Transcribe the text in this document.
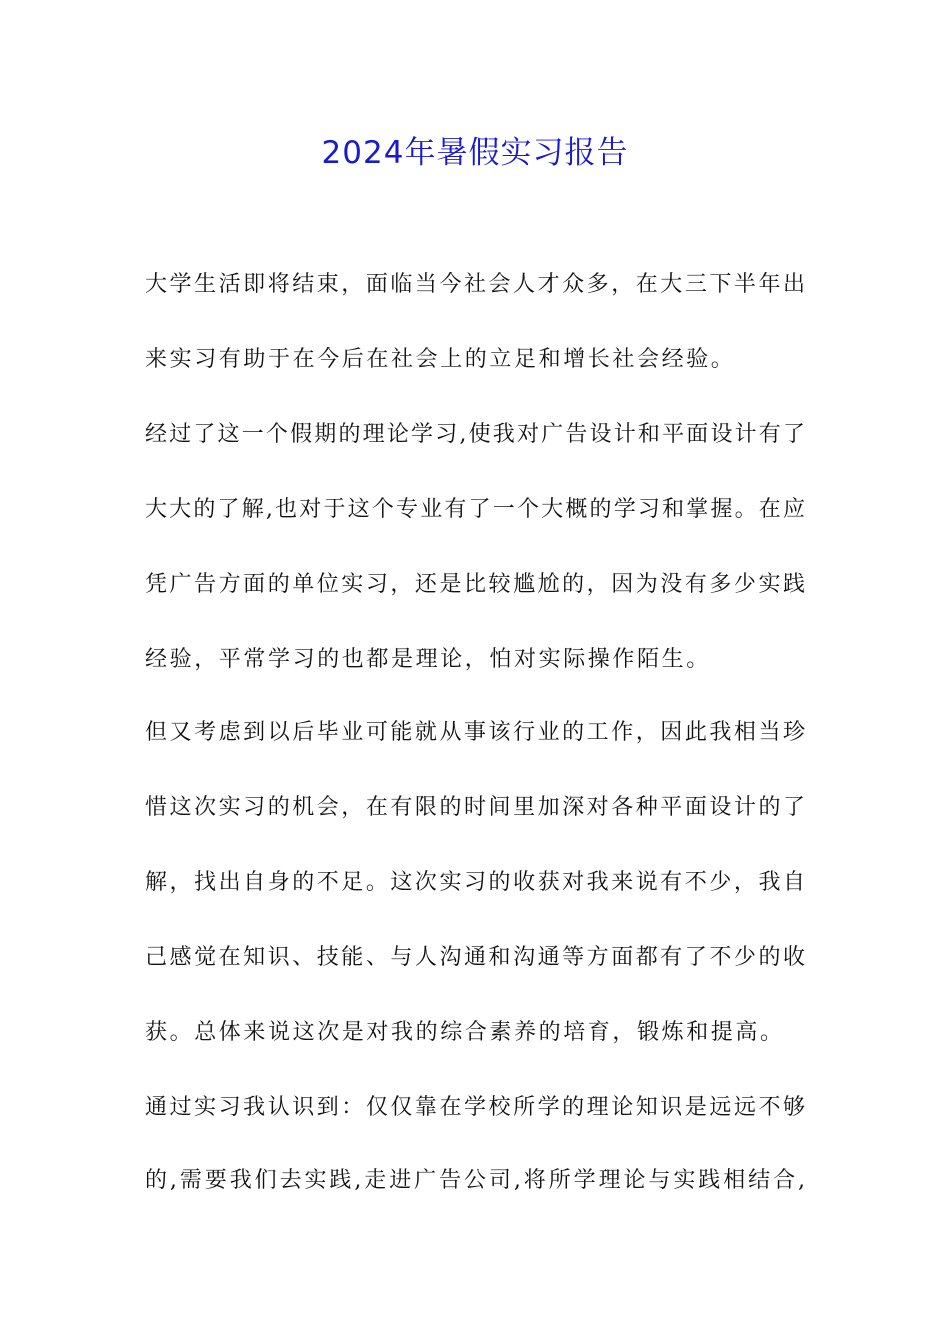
2024年暑假实习报告
大学生活即将结束，面临当今社会人才众多，在大三下半年出
来实习有助于在今后在社会上的立足和增长社会经验。
经过了这一个假期的理论学习,使我对广告设计和平面设计有了
大大的了解,也对于这个专业有了一个大概的学习和掌握。在应
凭广告方面的单位实习，还是比较尴尬的，因为没有多少实践
经验，平常学习的也都是理论，怕对实际操作陌生。
但又考虑到以后毕业可能就从事该行业的工作，因此我相当珍
惜这次实习的机会，在有限的时间里加深对各种平面设计的了
解，找出自身的不足。这次实习的收获对我来说有不少，我自
己感觉在知识、技能、与人沟通和沟通等方面都有了不少的收
获。总体来说这次是对我的综合素养的培育，锻炼和提高。
通过实习我认识到：仅仅靠在学校所学的理论知识是远远不够
的,需要我们去实践,走进广告公司,将所学理论与实践相结合,
